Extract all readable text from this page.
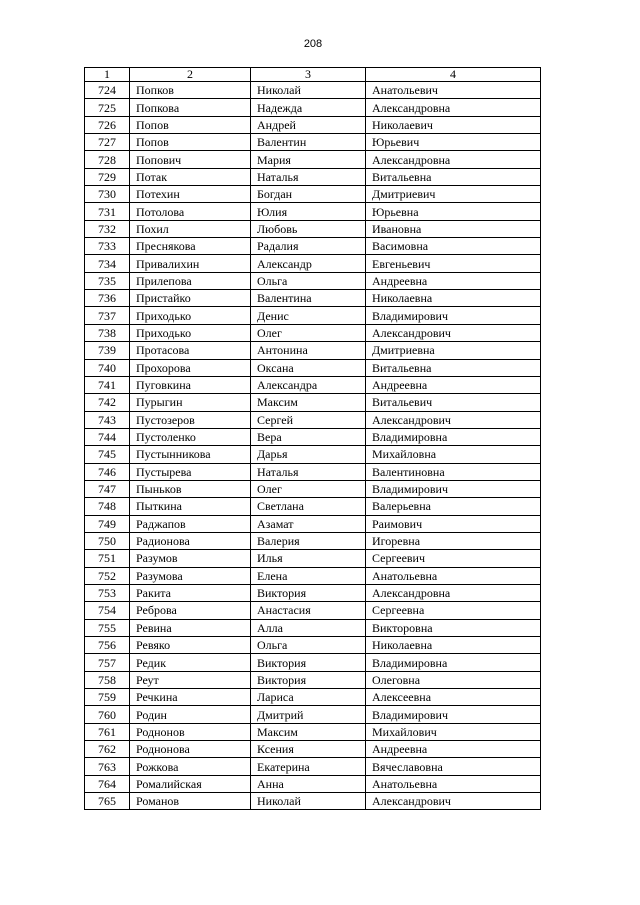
208
1	2	3	4
724	Попков	Николай	Анатольевич
725	Попкова	Надежда	Александровна
726	Попов	Андрей	Николаевич
727	Попов	Валентин	Юрьевич
728	Попович	Мария	Александровна
729	Потак	Наталья	Витальевна
730	Потехин	Богдан	Дмитриевич
731	Потолова	Юлия	Юрьевна
732	Похил	Любовь	Ивановна
733	Преснякова	Радалия	Васимовна
734	Привалихин	Александр	Евгеньевич
735	Прилепова	Ольга	Андреевна
736	Пристайко	Валентина	Николаевна
737	Приходько	Денис	Владимирович
738	Приходько	Олег	Александрович
739	Протасова	Антонина	Дмитриевна
740	Прохорова	Оксана	Витальевна
741	Пуговкина	Александра	Андреевна
742	Пурыгин	Максим	Витальевич
743	Пустозеров	Сергей	Александрович
744	Пустоленко	Вера	Владимировна
745	Пустынникова	Дарья	Михайловна
746	Пустырева	Наталья	Валентиновна
747	Пыньков	Олег	Владимирович
748	Пыткина	Светлана	Валерьевна
749	Раджапов	Азамат	Раимович
750	Радионова	Валерия	Игоревна
751	Разумов	Илья	Сергеевич
752	Разумова	Елена	Анатольевна
753	Ракита	Виктория	Александровна
754	Реброва	Анастасия	Сергеевна
755	Ревина	Алла	Викторовна
756	Ревяко	Ольга	Николаевна
757	Редик	Виктория	Владимировна
758	Реут	Виктория	Олеговна
759	Речкина	Лариса	Алексеевна
760	Родин	Дмитрий	Владимирович
761	Роднонов	Максим	Михайлович
762	Роднонова	Ксения	Андреевна
763	Рожкова	Екатерина	Вячеславовна
764	Ромалийская	Анна	Анатольевна
765	Романов	Николай	Александрович
